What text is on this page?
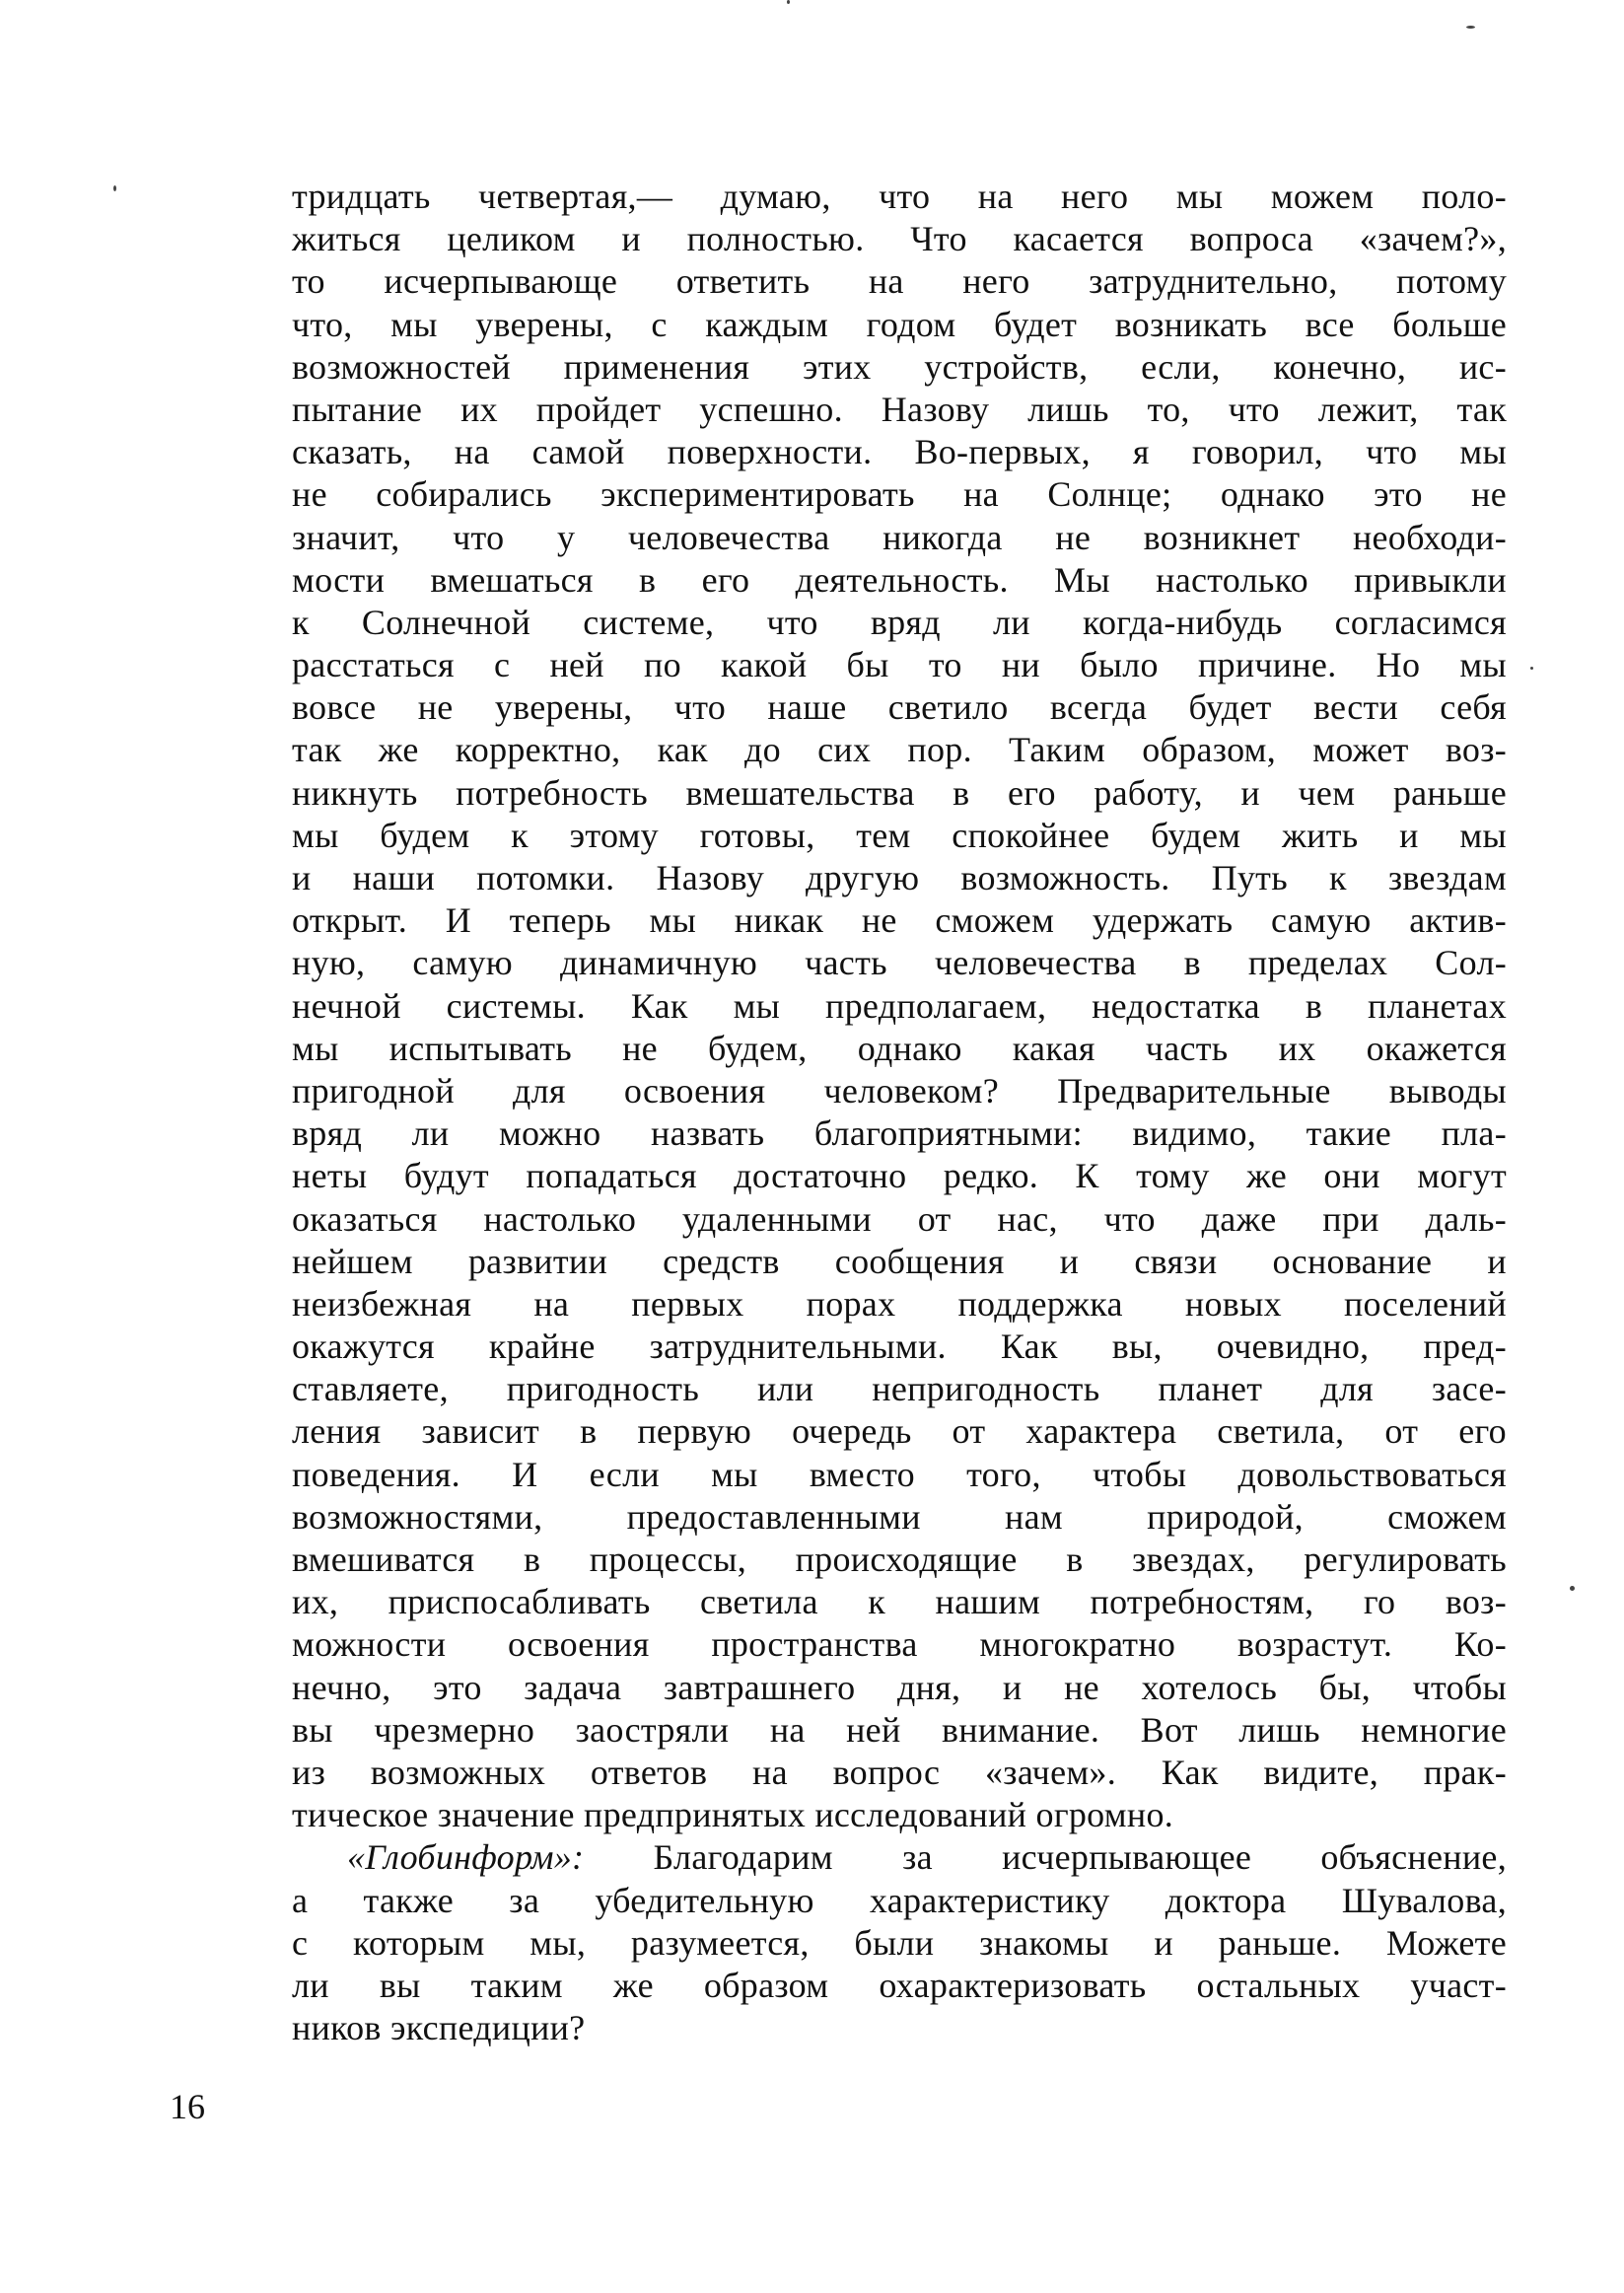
тридцать четвертая,— думаю, что на него мы можем поло-
житься целиком и полностью. Что касается вопроса «зачем?»,
то исчерпывающе ответить на него затруднительно, потому
что, мы уверены, с каждым годом будет возникать все больше
возможностей применения этих устройств, если, конечно, ис-
пытание их пройдет успешно. Назову лишь то, что лежит, так
сказать, на самой поверхности. Во-первых, я говорил, что мы
не собирались экспериментировать на Солнце; однако это не
значит, что у человечества никогда не возникнет необходи-
мости вмешаться в его деятельность. Мы настолько привыкли
к Солнечной системе, что вряд ли когда-нибудь согласимся
расстаться с ней по какой бы то ни было причине. Но мы
вовсе не уверены, что наше светило всегда будет вести себя
так же корректно, как до сих пор. Таким образом, может воз-
никнуть потребность вмешательства в его работу, и чем раньше
мы будем к этому готовы, тем спокойнее будем жить и мы
и наши потомки. Назову другую возможность. Путь к звездам
открыт. И теперь мы никак не сможем удержать самую актив-
ную, самую динамичную часть человечества в пределах Сол-
нечной системы. Как мы предполагаем, недостатка в планетах
мы испытывать не будем, однако какая часть их окажется
пригодной для освоения человеком? Предварительные выводы
вряд ли можно назвать благоприятными: видимо, такие пла-
неты будут попадаться достаточно редко. К тому же они могут
оказаться настолько удаленными от нас, что даже при даль-
нейшем развитии средств сообщения и связи основание и
неизбежная на первых порах поддержка новых поселений
окажутся крайне затруднительными. Как вы, очевидно, пред-
ставляете, пригодность или непригодность планет для засе-
ления зависит в первую очередь от характера светила, от его
поведения. И если мы вместо того, чтобы довольствоваться
возможностями, предоставленными нам природой, сможем
вмешиватся в процессы, происходящие в звездах, регулировать
их, приспосабливать светила к нашим потребностям, го воз-
можности освоения пространства многократно возрастут. Ко-
нечно, это задача завтрашнего дня, и не хотелось бы, чтобы
вы чрезмерно заостряли на ней внимание. Вот лишь немногие
из возможных ответов на вопрос «зачем». Как видите, прак-
тическое значение предпринятых исследований огромно.
«Глобинформ»: Благодарим за исчерпывающее объяснение,
а также за убедительную характеристику доктора Шувалова,
с которым мы, разумеется, были знакомы и раньше. Можете
ли вы таким же образом охарактеризовать остальных участ-
ников экспедиции?
16
